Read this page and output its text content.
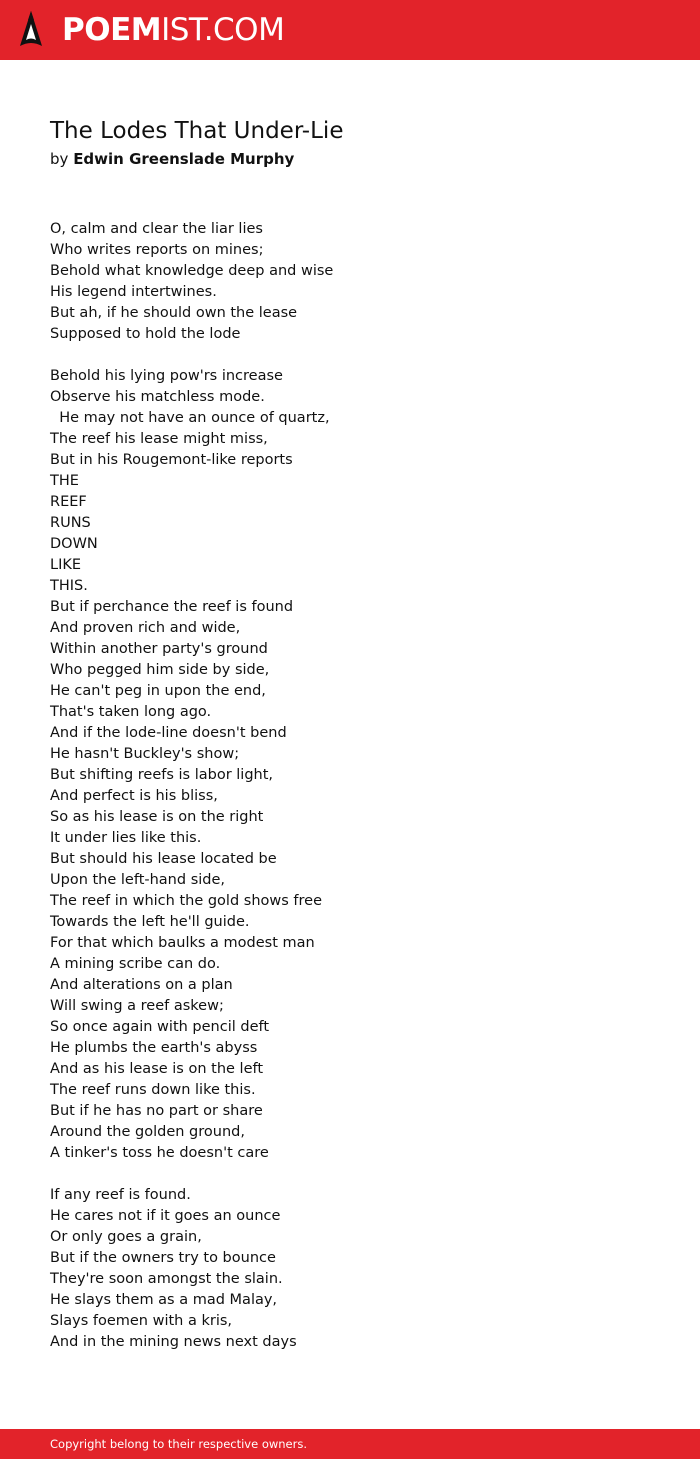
POEMIST.COM
The Lodes That Under-Lie
by Edwin Greenslade Murphy
O, calm and clear the liar lies
Who writes reports on mines;
Behold what knowledge deep and wise
His legend intertwines.
But ah, if he should own the lease
Supposed to hold the lode
Behold his lying pow'rs increase
Observe his matchless mode.
He may not have an ounce of quartz,
The reef his lease might miss,
But in his Rougemont-like reports
THE
REEF
RUNS
DOWN
LIKE
THIS.
But if perchance the reef is found
And proven rich and wide,
Within another party's ground
Who pegged him side by side,
He can't peg in upon the end,
That's taken long ago.
And if the lode-line doesn't bend
He hasn't Buckley's show;
But shifting reefs is labor light,
And perfect is his bliss,
So as his lease is on the right
It under lies like this.
But should his lease located be
Upon the left-hand side,
The reef in which the gold shows free
Towards the left he'll guide.
For that which baulks a modest man
A mining scribe can do.
And alterations on a plan
Will swing a reef askew;
So once again with pencil deft
He plumbs the earth's abyss
And as his lease is on the left
The reef runs down like this.
But if he has no part or share
Around the golden ground,
A tinker's toss he doesn't care
If any reef is found.
He cares not if it goes an ounce
Or only goes a grain,
But if the owners try to bounce
They're soon amongst the slain.
He slays them as a mad Malay,
Slays foemen with a kris,
And in the mining news next days
Copyright belong to their respective owners.
